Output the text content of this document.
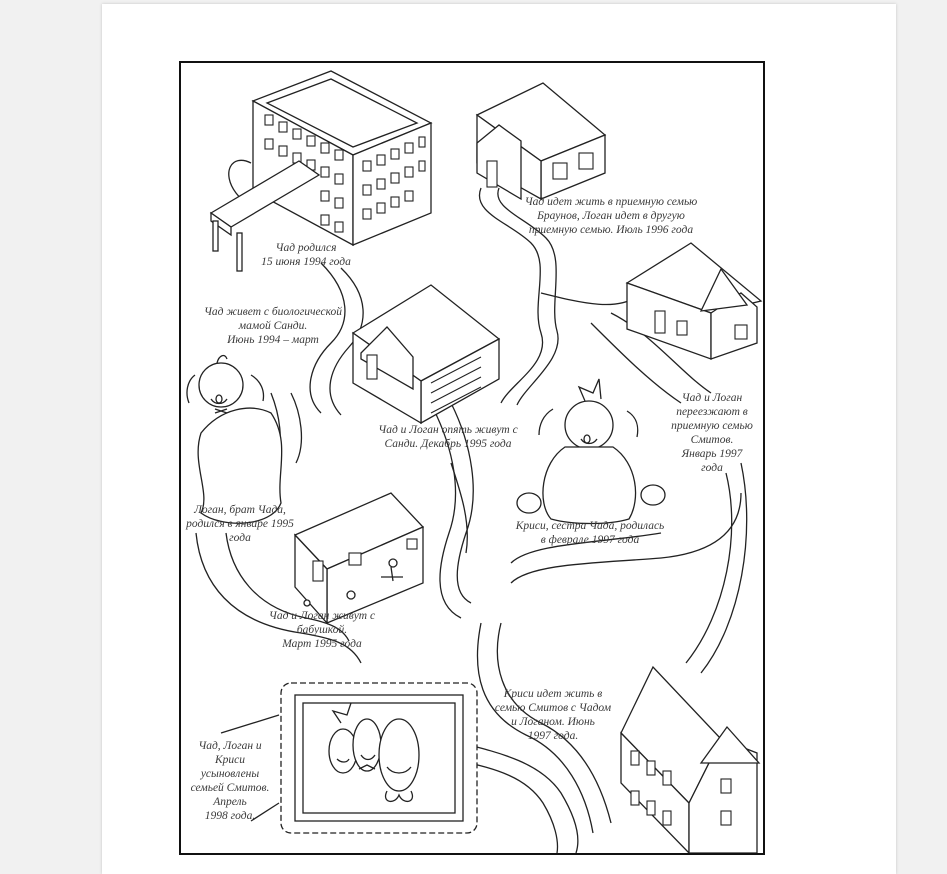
Чад родился
15 июня 1994 года
Чад идет жить в приемную семью
Браунов, Логан идет в другую
приемную семью. Июль 1996 года
Чад живет с биологической
мамой Санди.
Июнь 1994 – март
Чад и Логан опять живут с
Санди. Декабрь 1995 года
Чад и Логан
переезжают в
приемную семью
Смитов.
Январь 1997
года
Логан, брат Чада,
родился в январе 1995
года
Криси, сестра Чада, родилась
в феврале 1997 года
Чад и Логан живут с
бабушкой.
Март 1995 года
Криси идет жить в
семью Смитов с Чадом
и Логаном. Июнь
1997 года.
Чад, Логан и
Криси
усыновлены
семьей Смитов.
Апрель
1998 года.
